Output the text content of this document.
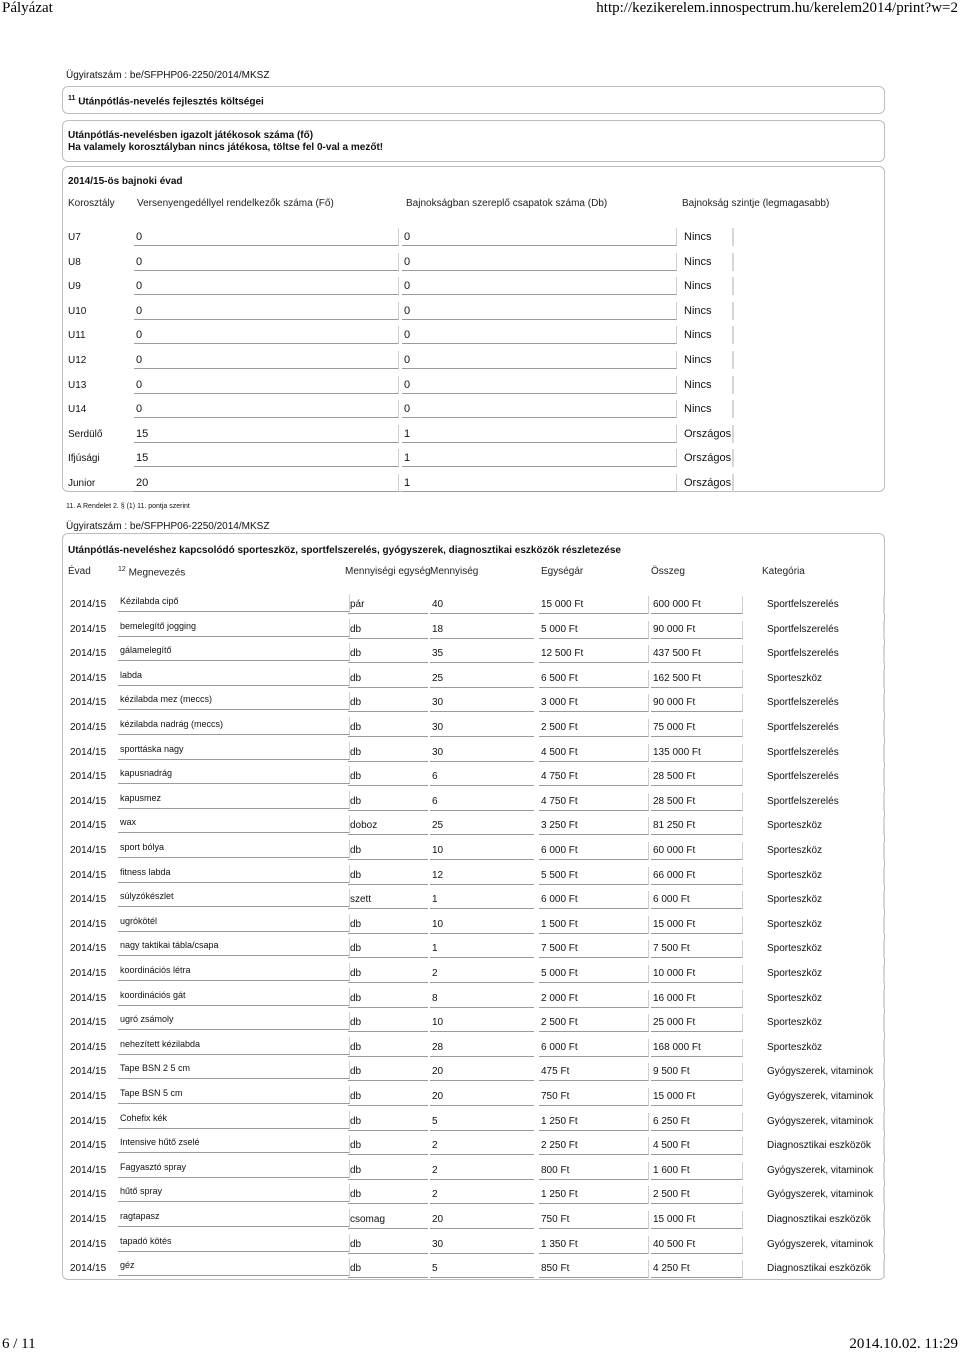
Pályázat	http://kezikerelem.innospectrum.hu/kerelem2014/print?w=2
Ügyiratszám : be/SFPHP06-2250/2014/MKSZ
$^{11}$ Utánpótlás-nevelés fejlesztés költségei
Utánpótlás-nevelésben igazolt játékosok száma (fő)
Ha valamely korosztályban nincs játékosa, töltse fel 0-val a mezőt!
2014/15-ös bajnoki évad
Korosztály Versenyengedéllyel rendelkezők száma (Fő)	Bajnokságban szereplő csapatok száma (Db)	Bajnokság szintje (legmagasabb)
U7	0	0	Nincs
U8	0	0	Nincs
U9	0	0	Nincs
U10	0	0	Nincs
U11	0	0	Nincs
U12	0	0	Nincs
U13	0	0	Nincs
U14	0	0	Nincs
Serdülő	15	1	Országos
Ifjúsági	15	1	Országos
Junior	20	1	Országos
11. A Rendelet 2. § (1) 11. pontja szerint
Ügyiratszám : be/SFPHP06-2250/2014/MKSZ
Utánpótlás-neveléshez kapcsolódó sporteszköz, sportfelszerelés, gyógyszerek, diagnosztikai eszközök részletezése
Évad	$^{12}$ Megnevezés	Mennyiségi egység Mennyiség	Egységár	Összeg	Kategória
2014/15	Kézilabda cipő	pár	40	15 000 Ft	600 000 Ft	Sportfelszerelés
2014/15	bemelegítő jogging	db	18	5 000 Ft	90 000 Ft	Sportfelszerelés
2014/15	gálamelegítő	db	35	12 500 Ft	437 500 Ft	Sportfelszerelés
2014/15	labda	db	25	6 500 Ft	162 500 Ft	Sporteszköz
2014/15	kézilabda mez (meccs)	db	30	3 000 Ft	90 000 Ft	Sportfelszerelés
2014/15	kézilabda nadrág (meccs)	db	30	2 500 Ft	75 000 Ft	Sportfelszerelés
2014/15	sporttáska nagy	db	30	4 500 Ft	135 000 Ft	Sportfelszerelés
2014/15	kapusnadrág	db	6	4 750 Ft	28 500 Ft	Sportfelszerelés
2014/15	kapusmez	db	6	4 750 Ft	28 500 Ft	Sportfelszerelés
2014/15	wax	doboz	25	3 250 Ft	81 250 Ft	Sporteszköz
2014/15	sport bólya	db	10	6 000 Ft	60 000 Ft	Sporteszköz
2014/15	fitness labda	db	12	5 500 Ft	66 000 Ft	Sporteszköz
2014/15	súlyzókészlet	szett	1	6 000 Ft	6 000 Ft	Sporteszköz
2014/15	ugrókötél	db	10	1 500 Ft	15 000 Ft	Sporteszköz
2014/15	nagy taktikai tábla/csapa	db	1	7 500 Ft	7 500 Ft	Sporteszköz
2014/15	koordinációs létra	db	2	5 000 Ft	10 000 Ft	Sporteszköz
2014/15	koordinációs gát	db	8	2 000 Ft	16 000 Ft	Sporteszköz
2014/15	ugró zsámoly	db	10	2 500 Ft	25 000 Ft	Sporteszköz
2014/15	nehezített kézilabda	db	28	6 000 Ft	168 000 Ft	Sporteszköz
2014/15	Tape BSN 2 5 cm	db	20	475 Ft	9 500 Ft	Gyógyszerek, vitaminok
2014/15	Tape BSN 5 cm	db	20	750 Ft	15 000 Ft	Gyógyszerek, vitaminok
2014/15	Cohefix kék	db	5	1 250 Ft	6 250 Ft	Gyógyszerek, vitaminok
2014/15	Intensive hűtő zselé	db	2	2 250 Ft	4 500 Ft	Diagnosztikai eszközök
2014/15	Fagyasztó spray	db	2	800 Ft	1 600 Ft	Gyógyszerek, vitaminok
2014/15	hűtő spray	db	2	1 250 Ft	2 500 Ft	Gyógyszerek, vitaminok
2014/15	ragtapasz	csomag	20	750 Ft	15 000 Ft	Diagnosztikai eszközök
2014/15	tapadó kötés	db	30	1 350 Ft	40 500 Ft	Gyógyszerek, vitaminok
2014/15	géz	db	5	850 Ft	4 250 Ft	Diagnosztikai eszközök
6 / 11	2014.10.02. 11:29
